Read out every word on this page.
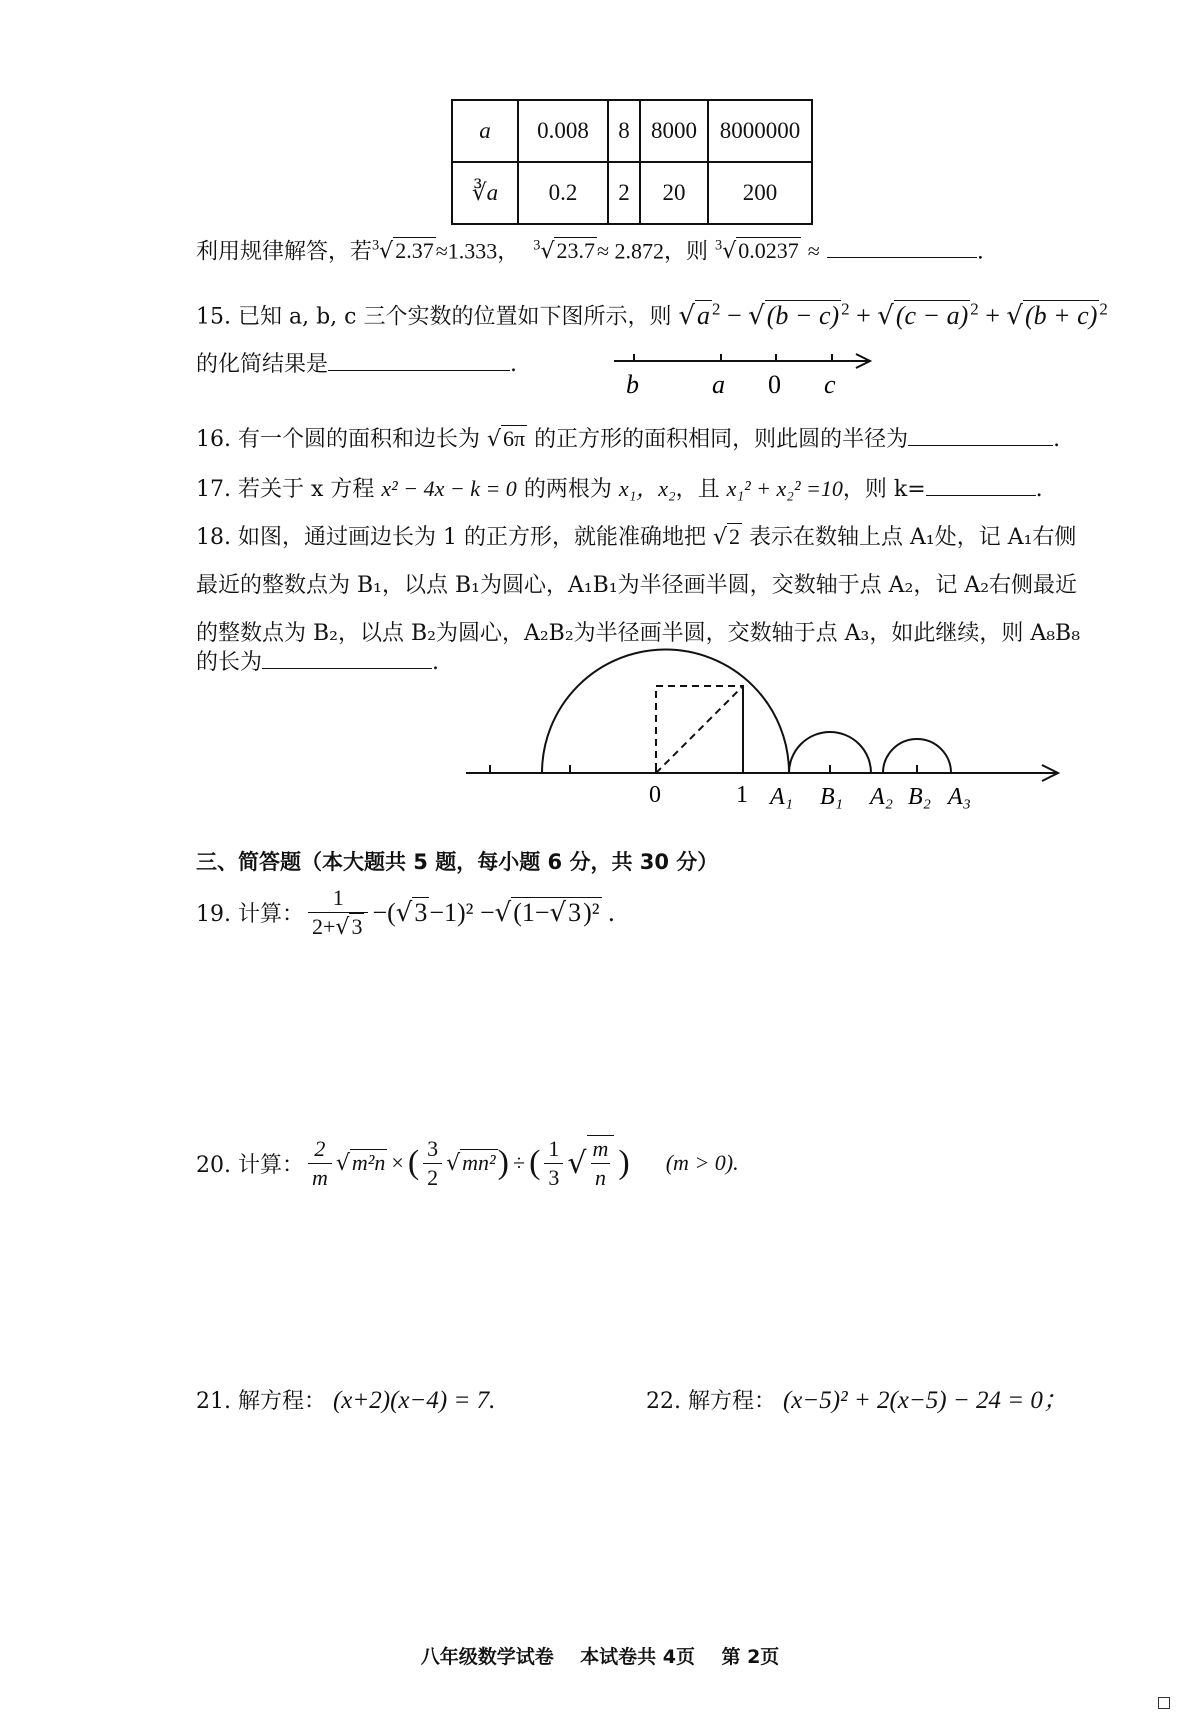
a	0.008	8	8000	8000000
∛a	0.2	2	20	200
利用规律解答，若$^3$√2.37≈1.333， $^3$√23.7≈ 2.872，则 $^3$√0.0237 ≈	.
15. 已知 a, b, c 三个实数的位置如下图所示，则 √a $^2$ − √(b − c) $^2$ + √(c − a) $^2$ + √(b + c) $^2$
的化简结果是	.
b	a 0 c
16. 有一个圆的面积和边长为 √6π 的正方形的面积相同，则此圆的半径为	.
17. 若关于 x 方程 x² − 4x − k = 0 的两根为 x₁，x₂，且 x₁² + x₂² =10，则 k=	.
18. 如图，通过画边长为 1 的正方形，就能准确地把 √2 表示在数轴上点 A₁处，记 A₁右侧
最近的整数点为 B₁，以点 B₁为圆心，A₁B₁为半径画半圆，交数轴于点 A₂，记 A₂右侧最近
的整数点为 B₂，以点 B₂为圆心，A₂B₂为半径画半圆，交数轴于点 A₃，如此继续，则 A₈B₈
的长为	.
0	1 A₁ B₁ A₂ B₂ A₃
三、简答题（本大题共 5 题，每小题 6 分，共 30 分）
19. 计算： $\frac{1}{2+√3} -(√3-1)^2 -√(1-√3)^2$ .
20. 计算： $\frac{2}{m} √m^2n$ × ( $\frac{3}{2} √mn^2$ ) ÷ ( $\frac{1}{3}$ √ $\frac{m}{n}$ ) (m > 0).
21. 解方程： (x+2)(x−4) = 7.	22. 解方程： (x−5)² + 2(x−5) − 24 = 0；
八年级数学试卷    本试卷共 4页    第 2页
